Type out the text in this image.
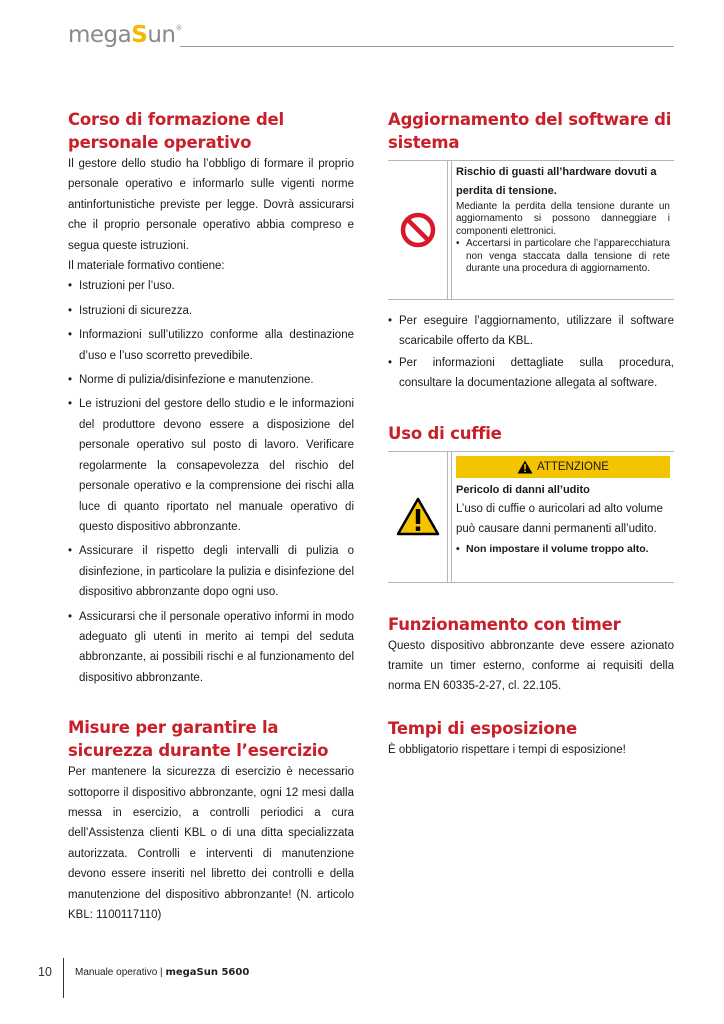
megaSun®
Corso di formazione del personale operativo

Il gestore dello studio ha l’obbligo di formare il proprio personale operativo e informarlo sulle vigenti norme antinfortunistiche previste per legge. Dovrà assicurarsi che il proprio personale operativo abbia compreso e segua queste istruzioni.

Il materiale formativo contiene:

• Istruzioni per l’uso.
• Istruzioni di sicurezza.
• Informazioni sull’utilizzo conforme alla destinazione d’uso e l’uso scorretto prevedibile.
• Norme di pulizia/disinfezione e manutenzione.
• Le istruzioni del gestore dello studio e le informazioni del produttore devono essere a disposizione del personale operativo sul posto di lavoro. Verificare regolarmente la consapevolezza del rischio del personale operativo e la comprensione dei rischi alla luce di quanto riportato nel manuale operativo di questo dispositivo abbronzante.
• Assicurare il rispetto degli intervalli di pulizia o disinfezione, in particolare la pulizia e disinfezione del dispositivo abbronzante dopo ogni uso.
• Assicurarsi che il personale operativo informi in modo adeguato gli utenti in merito ai tempi del seduta abbronzante, ai possibili rischi e al funzionamento del dispositivo abbronzante.
Misure per garantire la sicurezza durante l’esercizio

Per mantenere la sicurezza di esercizio è necessario sottoporre il dispositivo abbronzante, ogni 12 mesi dalla messa in esercizio, a controlli periodici a cura dell’Assistenza clienti KBL o di una ditta specializzata autorizzata. Controlli e interventi di manutenzione devono essere inseriti nel libretto dei controlli e della manutenzione del dispositivo abbronzante! (N. articolo KBL: 1100117110)

Aggiornamento del software di sistema
Rischio di guasti all’hardware dovuti a perdita di tensione.
Mediante la perdita della tensione durante un aggiornamento si possono danneggiare i componenti elettronici.
• Accertarsi in particolare che l’apparecchiatura non venga staccata dalla tensione di rete durante una procedura di aggiornamento.
• Per eseguire l’aggiornamento, utilizzare il software scaricabile offerto da KBL.
• Per informazioni dettagliate sulla procedura, consultare la documentazione allegata al software.
Uso di cuffie
ATTENZIONE
Pericolo di danni all’udito
L’uso di cuffie o auricolari ad alto volume può causare danni permanenti all’udito.
• Non impostare il volume troppo alto.
Funzionamento con timer

Questo dispositivo abbronzante deve essere azionato tramite un timer esterno, conforme ai requisiti della norma EN 60335-2-27, cl. 22.105.

Tempi di esposizione

È obbligatorio rispettare i tempi di esposizione!

10 Manuale operativo | megaSun 5600
